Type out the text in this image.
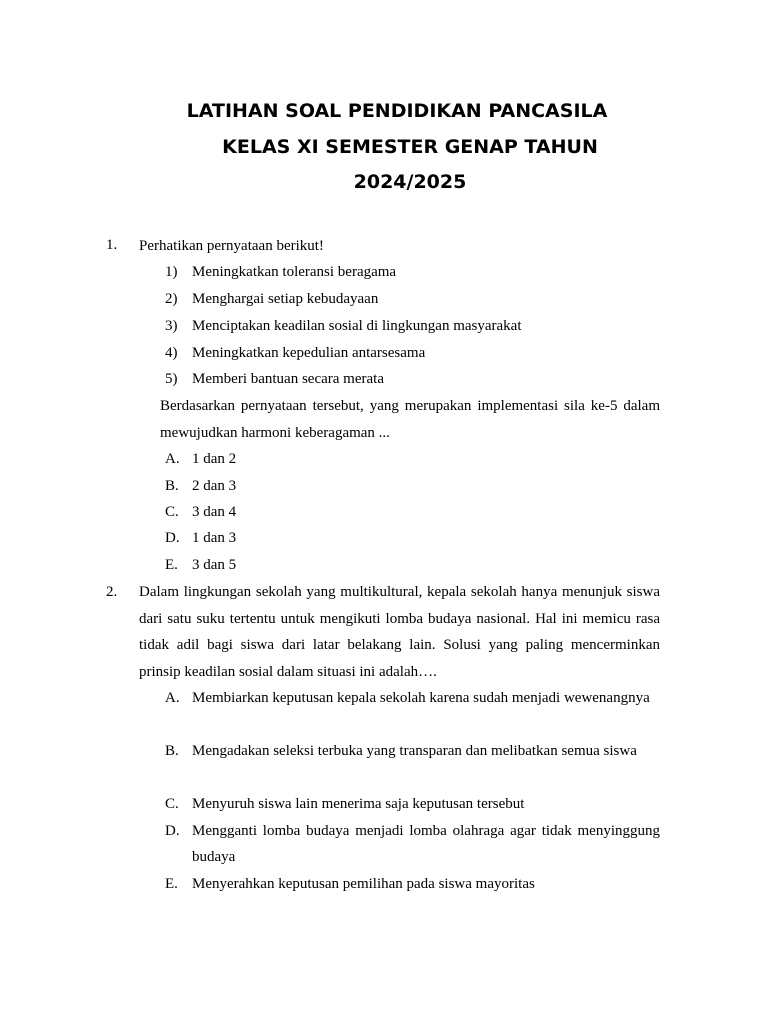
LATIHAN SOAL PENDIDIKAN PANCASILA
KELAS XI SEMESTER GENAP TAHUN
2024/2025
1. Perhatikan pernyataan berikut!
1) Meningkatkan toleransi beragama
2) Menghargai setiap kebudayaan
3) Menciptakan keadilan sosial di lingkungan masyarakat
4) Meningkatkan kepedulian antarsesama
5) Memberi bantuan secara merata
Berdasarkan pernyataan tersebut, yang merupakan implementasi sila ke-5 dalam mewujudkan harmoni keberagaman ...
A. 1 dan 2
B. 2 dan 3
C. 3 dan 4
D. 1 dan 3
E. 3 dan 5
2. Dalam lingkungan sekolah yang multikultural, kepala sekolah hanya menunjuk siswa dari satu suku tertentu untuk mengikuti lomba budaya nasional. Hal ini memicu rasa tidak adil bagi siswa dari latar belakang lain. Solusi yang paling mencerminkan prinsip keadilan sosial dalam situasi ini adalah….
A. Membiarkan keputusan kepala sekolah karena sudah menjadi wewenangnya
B. Mengadakan seleksi terbuka yang transparan dan melibatkan semua siswa
C. Menyuruh siswa lain menerima saja keputusan tersebut
D. Mengganti lomba budaya menjadi lomba olahraga agar tidak menyinggung budaya
E. Menyerahkan keputusan pemilihan pada siswa mayoritas
